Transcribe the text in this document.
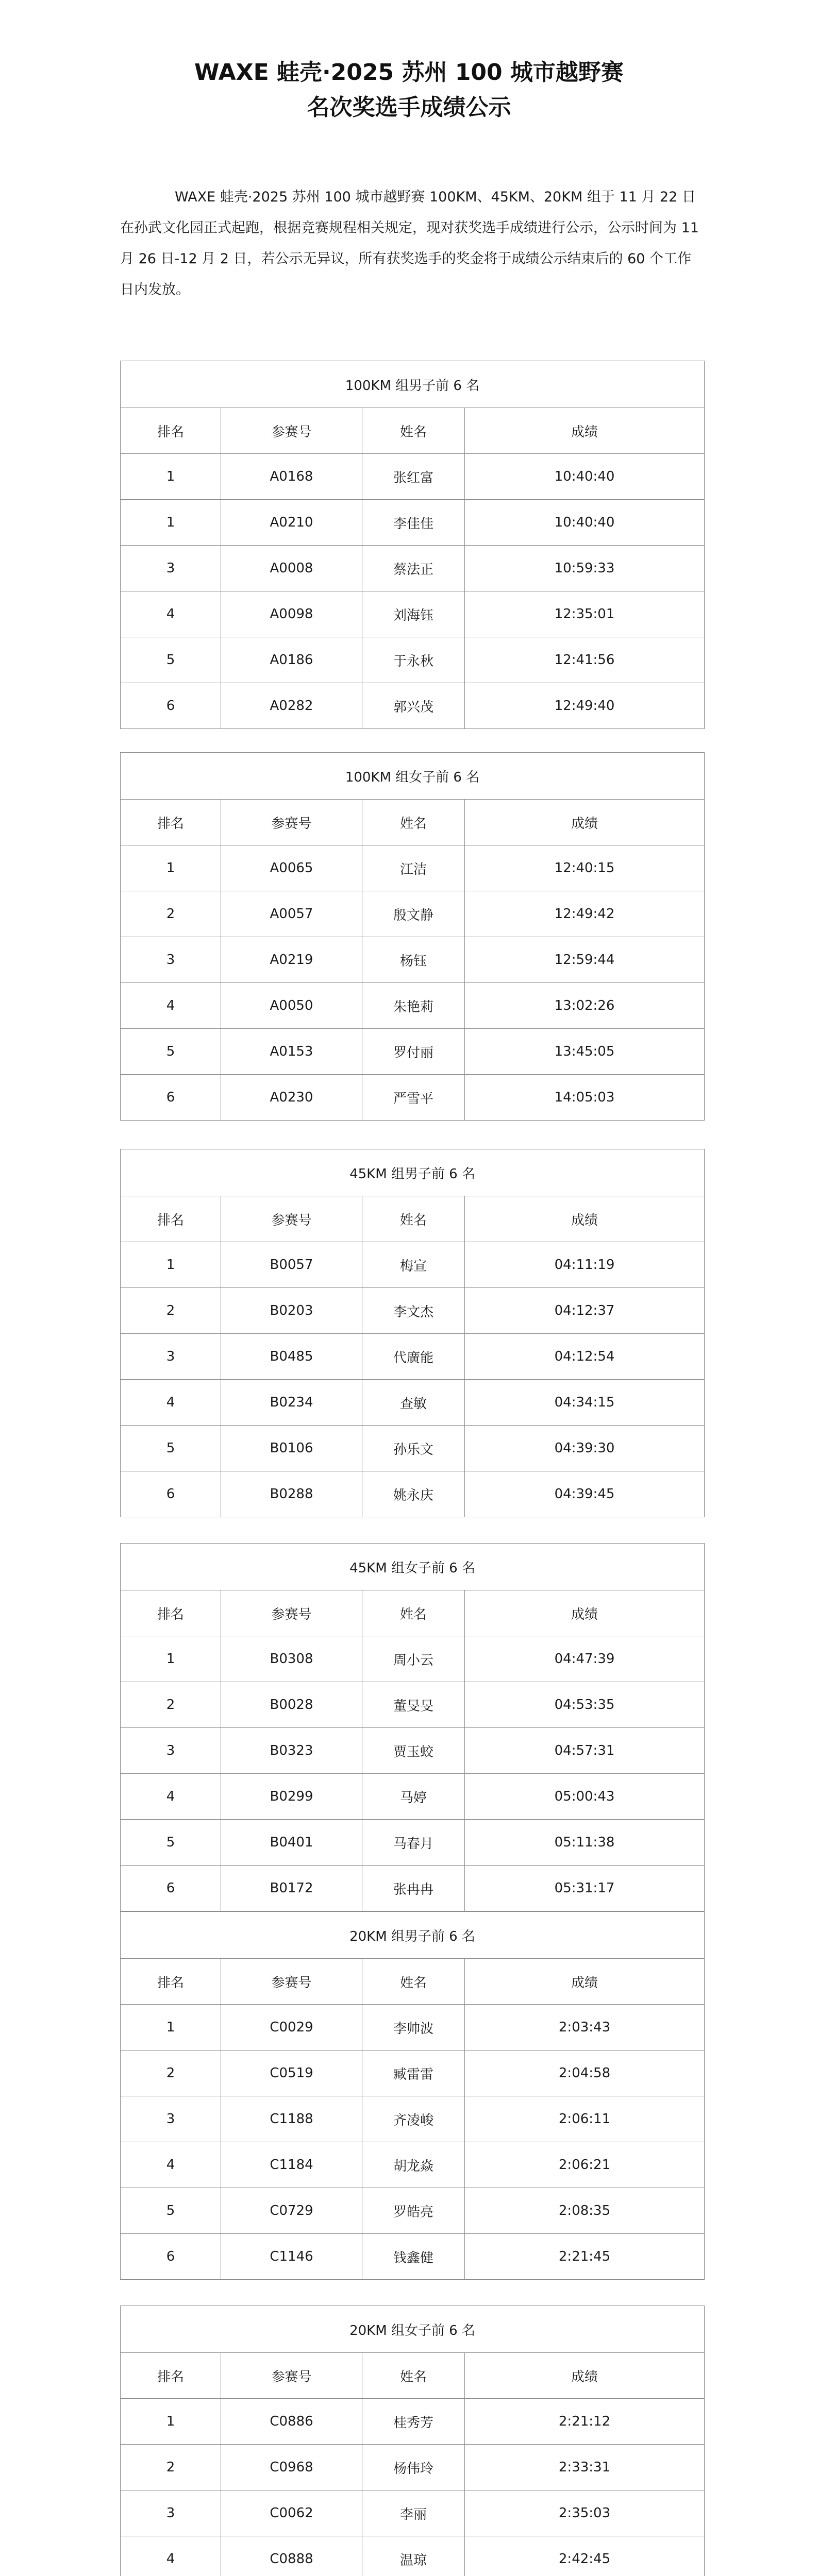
WAXE 蛙壳·2025 苏州 100 城市越野赛
名次奖选手成绩公示

WAXE 蛙壳·2025 苏州 100 城市越野赛 100KM、45KM、20KM 组于 11 月 22 日在孙武文化园正式起跑，根据竞赛规程相关规定，现对获奖选手成绩进行公示，公示时间为 11 月 26 日-12 月 2 日，若公示无异议，所有获奖选手的奖金将于成绩公示结束后的 60 个工作日内发放。

100KM 组男子前 6 名			
排名	参赛号	姓名	成绩
1	A0168	张红富	10:40:40
1	A0210	李佳佳	10:40:40
3	A0008	蔡法正	10:59:33
4	A0098	刘海钰	12:35:01
5	A0186	于永秋	12:41:56
6	A0282	郭兴茂	12:49:40
100KM 组女子前 6 名			
排名	参赛号	姓名	成绩
1	A0065	江洁	12:40:15
2	A0057	殷文静	12:49:42
3	A0219	杨钰	12:59:44
4	A0050	朱艳莉	13:02:26
5	A0153	罗付丽	13:45:05
6	A0230	严雪平	14:05:03
45KM 组男子前 6 名			
排名	参赛号	姓名	成绩
1	B0057	梅宣	04:11:19
2	B0203	李文杰	04:12:37
3	B0485	代廣能	04:12:54
4	B0234	查敏	04:34:15
5	B0106	孙乐文	04:39:30
6	B0288	姚永庆	04:39:45
45KM 组女子前 6 名			
排名	参赛号	姓名	成绩
1	B0308	周小云	04:47:39
2	B0028	董旻旻	04:53:35
3	B0323	贾玉蛟	04:57:31
4	B0299	马婷	05:00:43
5	B0401	马春月	05:11:38
6	B0172	张冉冉	05:31:17
20KM 组男子前 6 名			
排名	参赛号	姓名	成绩
1	C0029	李帅波	2:03:43
2	C0519	臧雷雷	2:04:58
3	C1188	齐凌峻	2:06:11
4	C1184	胡龙焱	2:06:21
5	C0729	罗皓亮	2:08:35
6	C1146	钱鑫健	2:21:45
20KM 组女子前 6 名			
排名	参赛号	姓名	成绩
1	C0886	桂秀芳	2:21:12
2	C0968	杨伟玲	2:33:31
3	C0062	李丽	2:35:03
4	C0888	温琼	2:42:45
